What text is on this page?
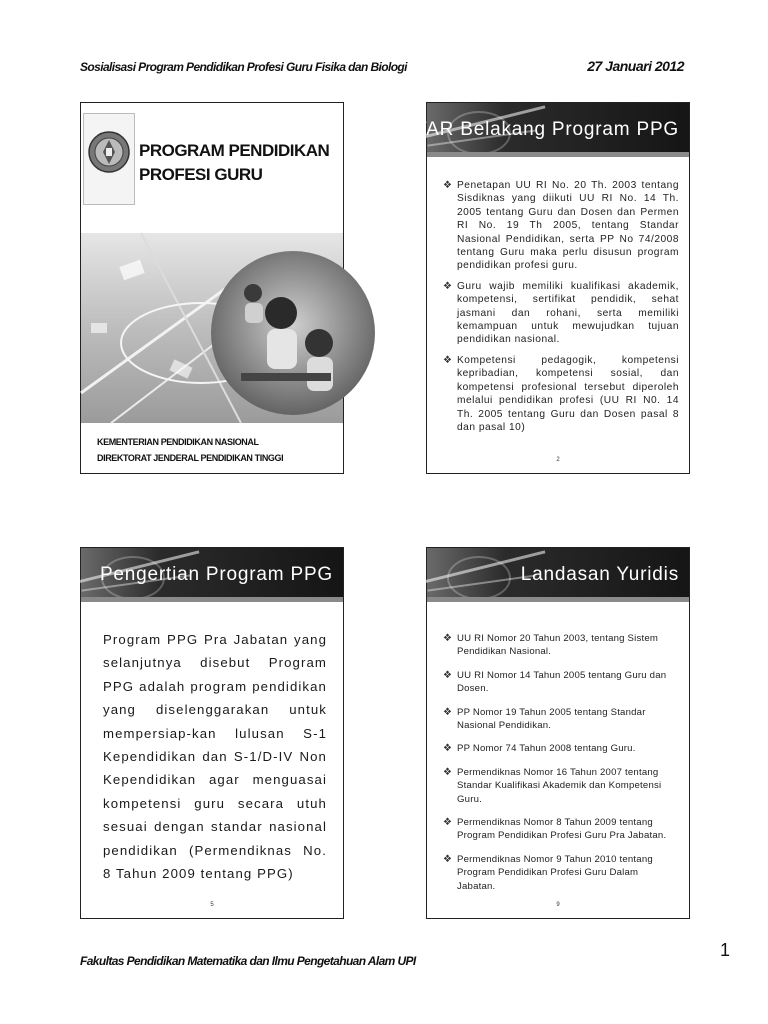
Sosialisasi Program Pendidikan Profesi Guru Fisika dan Biologi	27 Januari 2012
PROGRAM PENDIDIKAN
PROFESI GURU
KEMENTERIAN PENDIDIKAN NASIONAL
DIREKTORAT JENDERAL PENDIDIKAN TINGGI
LaTAR Belakang Program PPG
❖ Penetapan UU RI No. 20 Th. 2003 tentang Sisdiknas yang diikuti UU RI No. 14 Th. 2005 tentang Guru dan Dosen dan Permen RI No. 19 Th 2005, tentang Standar Nasional Pendidikan, serta PP No 74/2008 tentang Guru maka perlu disusun program pendidikan profesi guru.
❖ Guru wajib memiliki kualifikasi akademik, kompetensi, sertifikat pendidik, sehat jasmani dan rohani, serta memiliki kemampuan untuk mewujudkan tujuan pendidikan nasional.
❖ Kompetensi pedagogik, kompetensi kepribadian, kompetensi sosial, dan kompetensi profesional tersebut diperoleh melalui pendidikan profesi (UU RI N0. 14 Th. 2005 tentang Guru dan Dosen pasal 8 dan pasal 10)
2
Pengertian Program PPG
Program PPG Pra Jabatan yang selanjutnya disebut Program PPG adalah program pendidikan yang diselenggarakan untuk mempersiap-kan lulusan S-1 Kependidikan dan S-1/D-IV Non Kependidikan agar menguasai kompetensi guru secara utuh sesuai dengan standar nasional pendidikan (Permendiknas No. 8 Tahun 2009 tentang PPG)
5
Landasan Yuridis
❖ UU RI Nomor 20 Tahun 2003, tentang Sistem Pendidikan Nasional.
❖ UU RI Nomor 14 Tahun 2005 tentang Guru dan Dosen.
❖ PP Nomor 19 Tahun 2005 tentang Standar Nasional Pendidikan.
❖ PP Nomor 74 Tahun 2008 tentang Guru.
❖ Permendiknas Nomor 16 Tahun 2007 tentang Standar Kualifikasi Akademik dan Kompetensi Guru.
❖ Permendiknas Nomor 8 Tahun 2009 tentang Program Pendidikan Profesi Guru Pra Jabatan.
❖ Permendiknas Nomor 9 Tahun 2010 tentang Program Pendidikan Profesi Guru Dalam Jabatan.
9
Fakultas Pendidikan Matematika dan Ilmu Pengetahuan Alam UPI
1
